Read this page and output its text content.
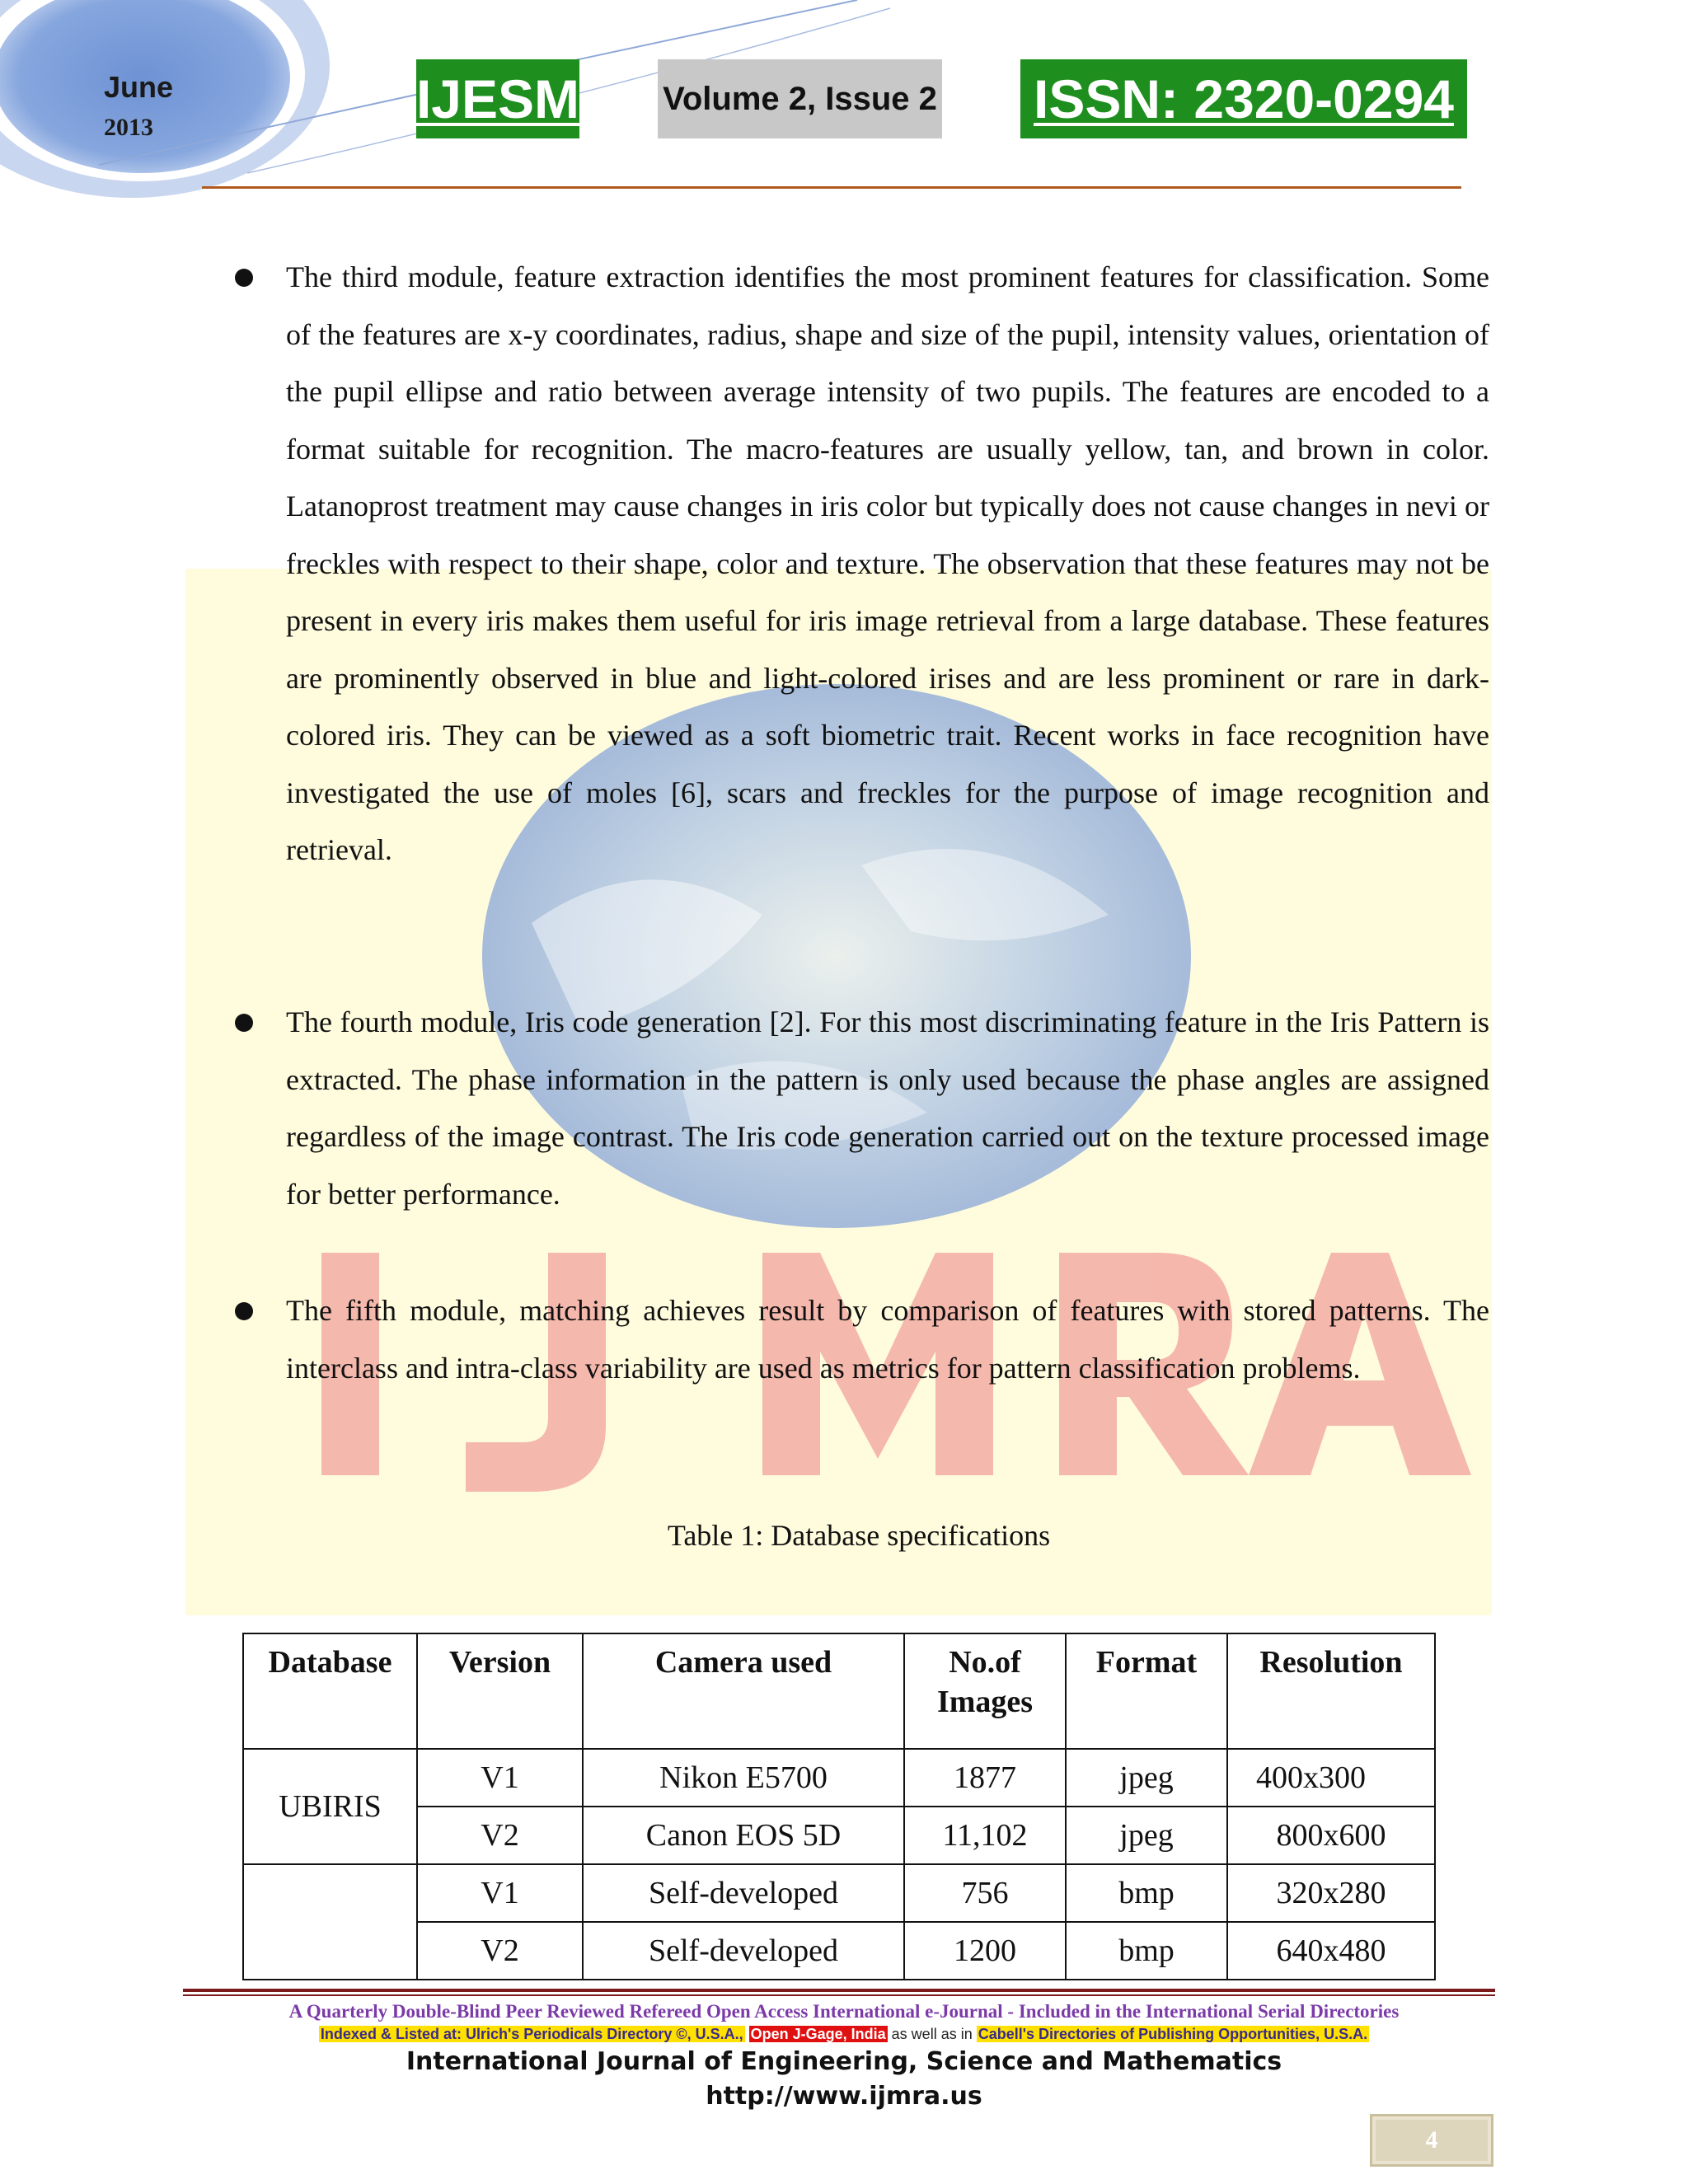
June
2013	IJESM	Volume 2, Issue 2 ISSN: 2320-0294
The third module, feature extraction identifies the most prominent features for classification. Some of the features are x-y coordinates, radius, shape and size of the pupil, intensity values, orientation of the pupil ellipse and ratio between average intensity of two pupils. The features are encoded to a format suitable for recognition. The macro-features are usually yellow, tan, and brown in color. Latanoprost treatment may cause changes in iris color but typically does not cause changes in nevi or freckles with respect to their shape, color and texture. The observation that these features may not be present in every iris makes them useful for iris image retrieval from a large database. These features are prominently observed in blue and light-colored irises and are less prominent or rare in dark-colored iris. They can be viewed as a soft biometric trait. Recent works in face recognition have investigated the use of moles [6], scars and freckles for the purpose of image recognition and retrieval.
The fourth module, Iris code generation [2]. For this most discriminating feature in the Iris Pattern is extracted. The phase information in the pattern is only used because the phase angles are assigned regardless of the image contrast. The Iris code generation carried out on the texture processed image for better performance.
The fifth module, matching achieves result by comparison of features with stored patterns. The interclass and intra-class variability are used as metrics for pattern classification problems.
Table 1: Database specifications
Database	Version	Camera used	No.of Images	Format	Resolution
UBIRIS	V1	Nikon E5700	1877	jpeg	400x300
	V2	Canon EOS 5D	11,102	jpeg	800x600
	V1	Self-developed	756	bmp	320x280
	V2	Self-developed	1200	bmp	640x480
A Quarterly Double-Blind Peer Reviewed Refereed Open Access International e-Journal - Included in the International Serial Directories
Indexed & Listed at: Ulrich's Periodicals Directory ©, U.S.A., Open J-Gage, India as well as in Cabell's Directories of Publishing Opportunities, U.S.A.
International Journal of Engineering, Science and Mathematics
http://www.ijmra.us
4
